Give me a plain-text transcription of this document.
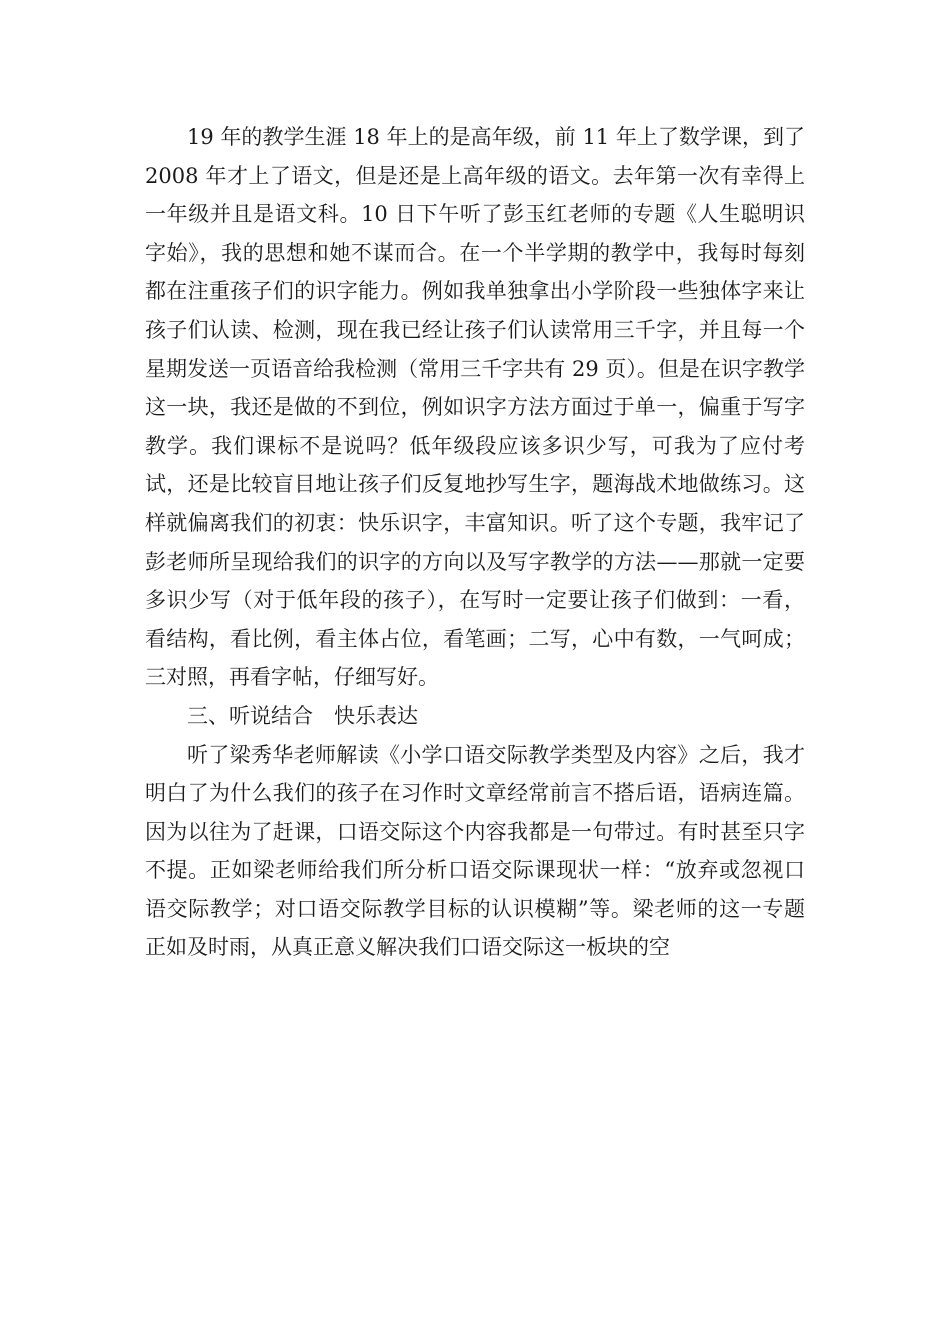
19 年的教学生涯 18 年上的是高年级，前 11 年上了数学课，到了 2008 年才上了语文，但是还是上高年级的语文。去年第一次有幸得上一年级并且是语文科。10 日下午听了彭玉红老师的专题《人生聪明识字始》，我的思想和她不谋而合。在一个半学期的教学中，我每时每刻都在注重孩子们的识字能力。例如我单独拿出小学阶段一些独体字来让孩子们认读、检测，现在我已经让孩子们认读常用三千字，并且每一个星期发送一页语音给我检测（常用三千字共有 29 页）。但是在识字教学这一块，我还是做的不到位，例如识字方法方面过于单一，偏重于写字教学。我们课标不是说吗？低年级段应该多识少写，可我为了应付考试，还是比较盲目地让孩子们反复地抄写生字，题海战术地做练习。这样就偏离我们的初衷：快乐识字，丰富知识。听了这个专题，我牢记了彭老师所呈现给我们的识字的方向以及写字教学的方法——那就一定要多识少写（对于低年段的孩子），在写时一定要让孩子们做到：一看，看结构，看比例，看主体占位，看笔画；二写，心中有数，一气呵成；三对照，再看字帖，仔细写好。

三、听说结合　快乐表达

听了梁秀华老师解读《小学口语交际教学类型及内容》之后，我才明白了为什么我们的孩子在习作时文章经常前言不搭后语，语病连篇。因为以往为了赶课，口语交际这个内容我都是一句带过。有时甚至只字不提。正如梁老师给我们所分析口语交际课现状一样：“放弃或忽视口语交际教学；对口语交际教学目标的认识模糊”等。梁老师的这一专题正如及时雨，从真正意义解决我们口语交际这一板块的空
